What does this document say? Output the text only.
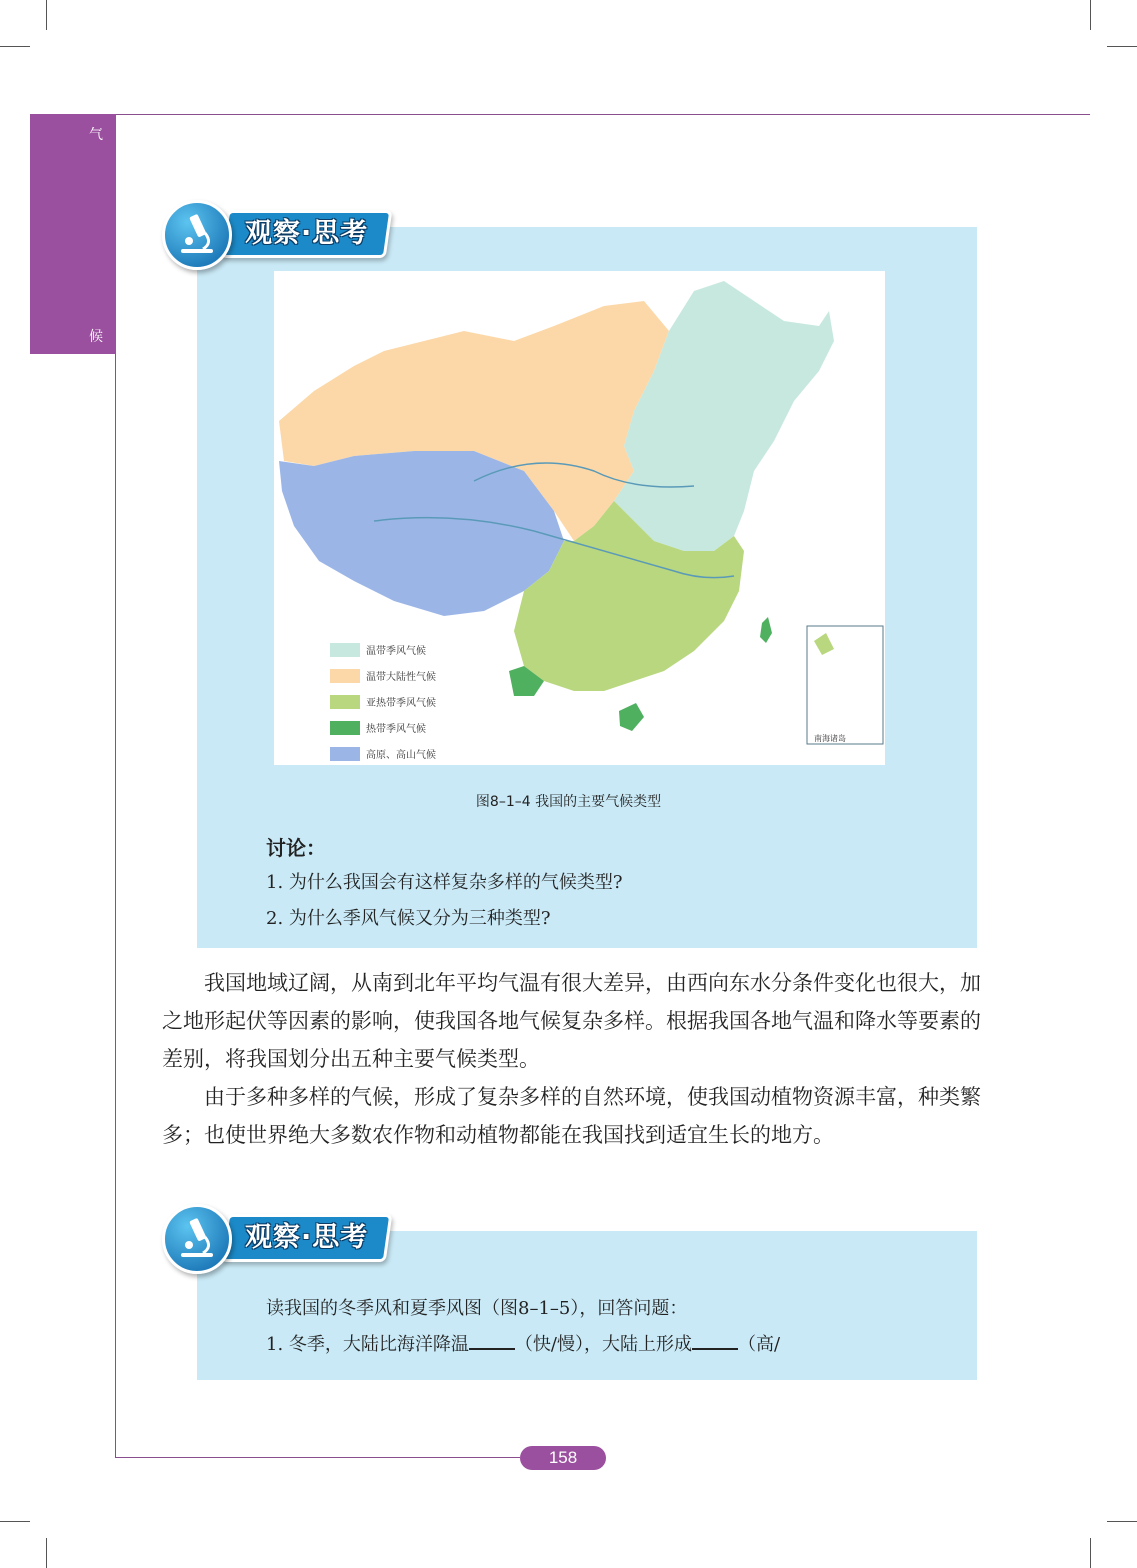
气
候
观察·思考
南海诸岛
温带季风气候
温带大陆性气候
亚热带季风气候
热带季风气候
高原、高山气候
图8–1–4 我国的主要气候类型
讨论：
1. 为什么我国会有这样复杂多样的气候类型?
2. 为什么季风气候又分为三种类型?

我国地域辽阔，从南到北年平均气温有很大差异，由西向东水分条件变化也很大，加之地形起伏等因素的影响，使我国各地气候复杂多样。根据我国各地气温和降水等要素的差别，将我国划分出五种主要气候类型。

由于多种多样的气候，形成了复杂多样的自然环境，使我国动植物资源丰富，种类繁多；也使世界绝大多数农作物和动植物都能在我国找到适宜生长的地方。

观察·思考
读我国的冬季风和夏季风图（图8–1–5），回答问题：
1. 冬季，大陆比海洋降温	（快/慢），大陆上形成	（高/
158
